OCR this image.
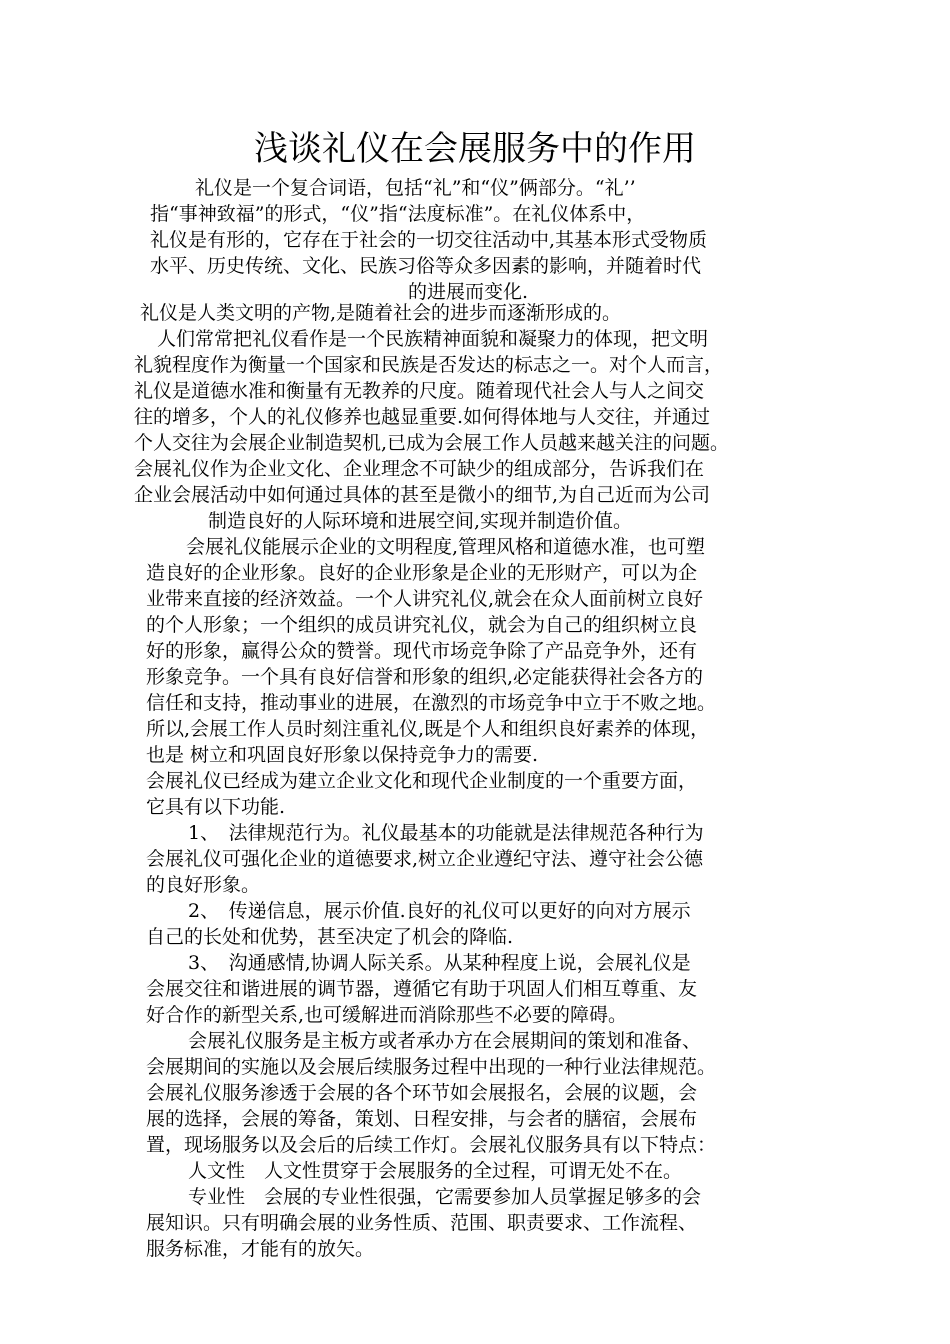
浅谈礼仪在会展服务中的作用

礼仪是一个复合词语，包括“礼”和“仪”俩部分。“礼’’

指“事神致福”的形式，“仪”指“法度标准”。在礼仪体系中，

礼仪是有形的，它存在于社会的一切交往活动中,其基本形式受物质

水平、历史传统、文化、民族习俗等众多因素的影响，并随着时代

的进展而变化.

礼仪是人类文明的产物,是随着社会的进步而逐渐形成的。

人们常常把礼仪看作是一个民族精神面貌和凝聚力的体现，把文明

礼貌程度作为衡量一个国家和民族是否发达的标志之一。对个人而言，

礼仪是道德水准和衡量有无教养的尺度。随着现代社会人与人之间交

往的增多，个人的礼仪修养也越显重要.如何得体地与人交往，并通过

个人交往为会展企业制造契机,已成为会展工作人员越来越关注的问题。

会展礼仪作为企业文化、企业理念不可缺少的组成部分，告诉我们在

企业会展活动中如何通过具体的甚至是微小的细节,为自己近而为公司

制造良好的人际环境和进展空间,实现并制造价值。

会展礼仪能展示企业的文明程度,管理风格和道德水准，也可塑

造良好的企业形象。良好的企业形象是企业的无形财产，可以为企

业带来直接的经济效益。一个人讲究礼仪,就会在众人面前树立良好

的个人形象；一个组织的成员讲究礼仪，就会为自己的组织树立良

好的形象，赢得公众的赞誉。现代市场竞争除了产品竞争外，还有

形象竞争。一个具有良好信誉和形象的组织,必定能获得社会各方的

信任和支持，推动事业的进展，在激烈的市场竞争中立于不败之地。

所以,会展工作人员时刻注重礼仪,既是个人和组织良好素养的体现，

也是 树立和巩固良好形象以保持竞争力的需要.

会展礼仪已经成为建立企业文化和现代企业制度的一个重要方面，

它具有以下功能.

1、　法律规范行为。礼仪最基本的功能就是法律规范各种行为

会展礼仪可强化企业的道德要求,树立企业遵纪守法、遵守社会公德

的良好形象。

2、　传递信息，展示价值.良好的礼仪可以更好的向对方展示

自己的长处和优势，甚至决定了机会的降临.

3、　沟通感情,协调人际关系。从某种程度上说，会展礼仪是

会展交往和谐进展的调节器，遵循它有助于巩固人们相互尊重、友

好合作的新型关系,也可缓解进而消除那些不必要的障碍。

会展礼仪服务是主板方或者承办方在会展期间的策划和准备、

会展期间的实施以及会展后续服务过程中出现的一种行业法律规范。

会展礼仪服务渗透于会展的各个环节如会展报名，会展的议题，会

展的选择，会展的筹备，策划、日程安排，与会者的膳宿，会展布

置，现场服务以及会后的后续工作灯。会展礼仪服务具有以下特点：

人文性　人文性贯穿于会展服务的全过程，可谓无处不在。

专业性　会展的专业性很强，它需要参加人员掌握足够多的会

展知识。只有明确会展的业务性质、范围、职责要求、工作流程、

服务标准，才能有的放矢。
